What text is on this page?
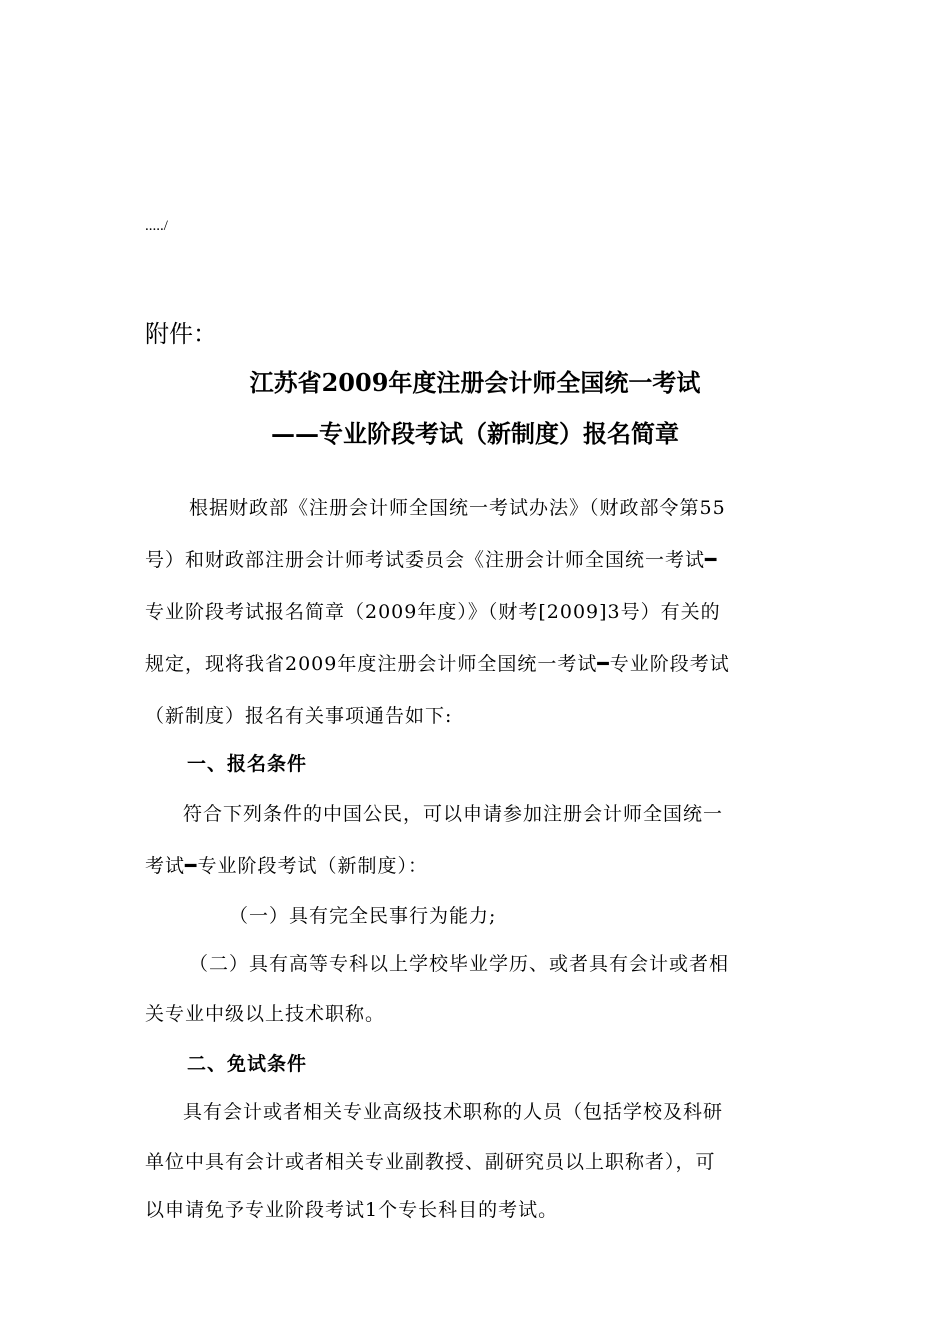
...../
附件：
江苏省2009年度注册会计师全国统一考试
——专业阶段考试（新制度）报名简章
根据财政部《注册会计师全国统一考试办法》（财政部令第55
号）和财政部注册会计师考试委员会《注册会计师全国统一考试━
专业阶段考试报名简章（2009年度）》（财考[2009]3号）有关的
规定，现将我省2009年度注册会计师全国统一考试━专业阶段考试
（新制度）报名有关事项通告如下:
一、报名条件
符合下列条件的中国公民，可以申请参加注册会计师全国统一
考试━专业阶段考试（新制度）：
（一）具有完全民事行为能力;
（二）具有高等专科以上学校毕业学历、或者具有会计或者相
关专业中级以上技术职称。
二、免试条件
具有会计或者相关专业高级技术职称的人员（包括学校及科研
单位中具有会计或者相关专业副教授、副研究员以上职称者），可
以申请免予专业阶段考试1个专长科目的考试。
